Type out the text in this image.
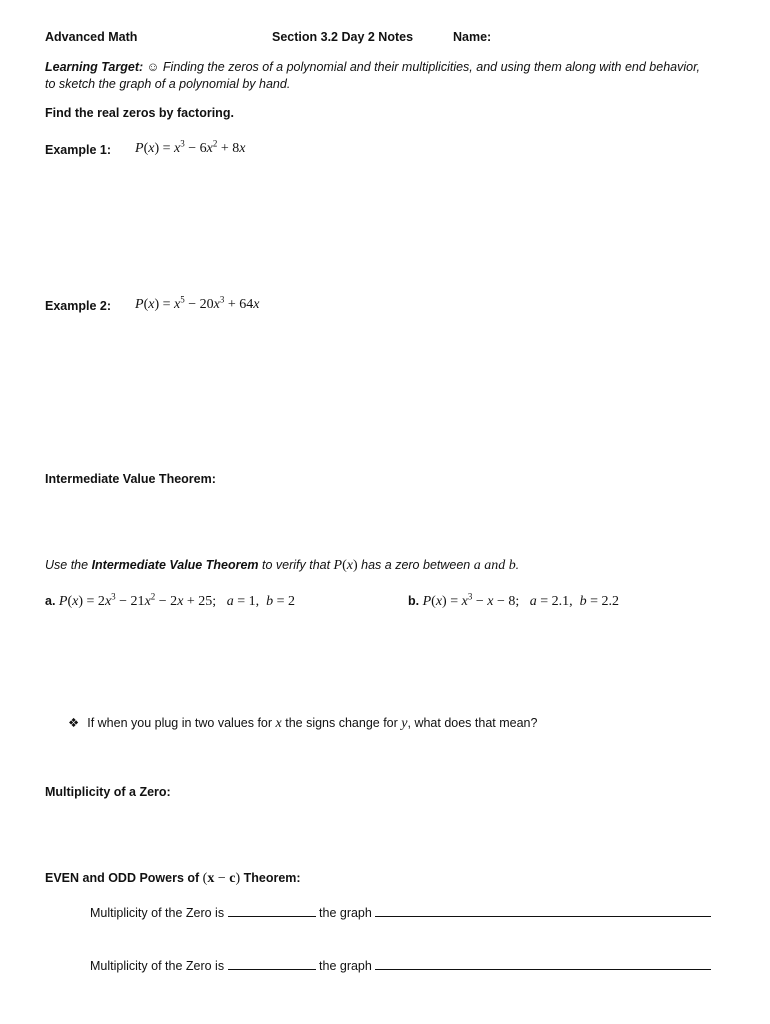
Advanced Math	Section 3.2 Day 2 Notes	Name:
Learning Target: ☺ Finding the zeros of a polynomial and their multiplicities, and using them along with end behavior,
to sketch the graph of a polynomial by hand.
Find the real zeros by factoring.
Example 1: $P(x) = x^3 - 6x^2 + 8x$
Example 2: $P(x) = x^5 - 20x^3 + 64x$
Intermediate Value Theorem:
Use the Intermediate Value Theorem to verify that P(x) has a zero between a and b.
a. $P(x) = 2x^3 - 21x^2 - 2x + 25$;   a = 1,  b = 2	b. $P(x) = x^3 - x - 8$;   a = 2.1,  b = 2.2
❖ If when you plug in two values for x the signs change for y, what does that mean?
Multiplicity of a Zero:
EVEN and ODD Powers of (x − c) Theorem:
Multiplicity of the Zero is	the graph
Multiplicity of the Zero is	the graph
